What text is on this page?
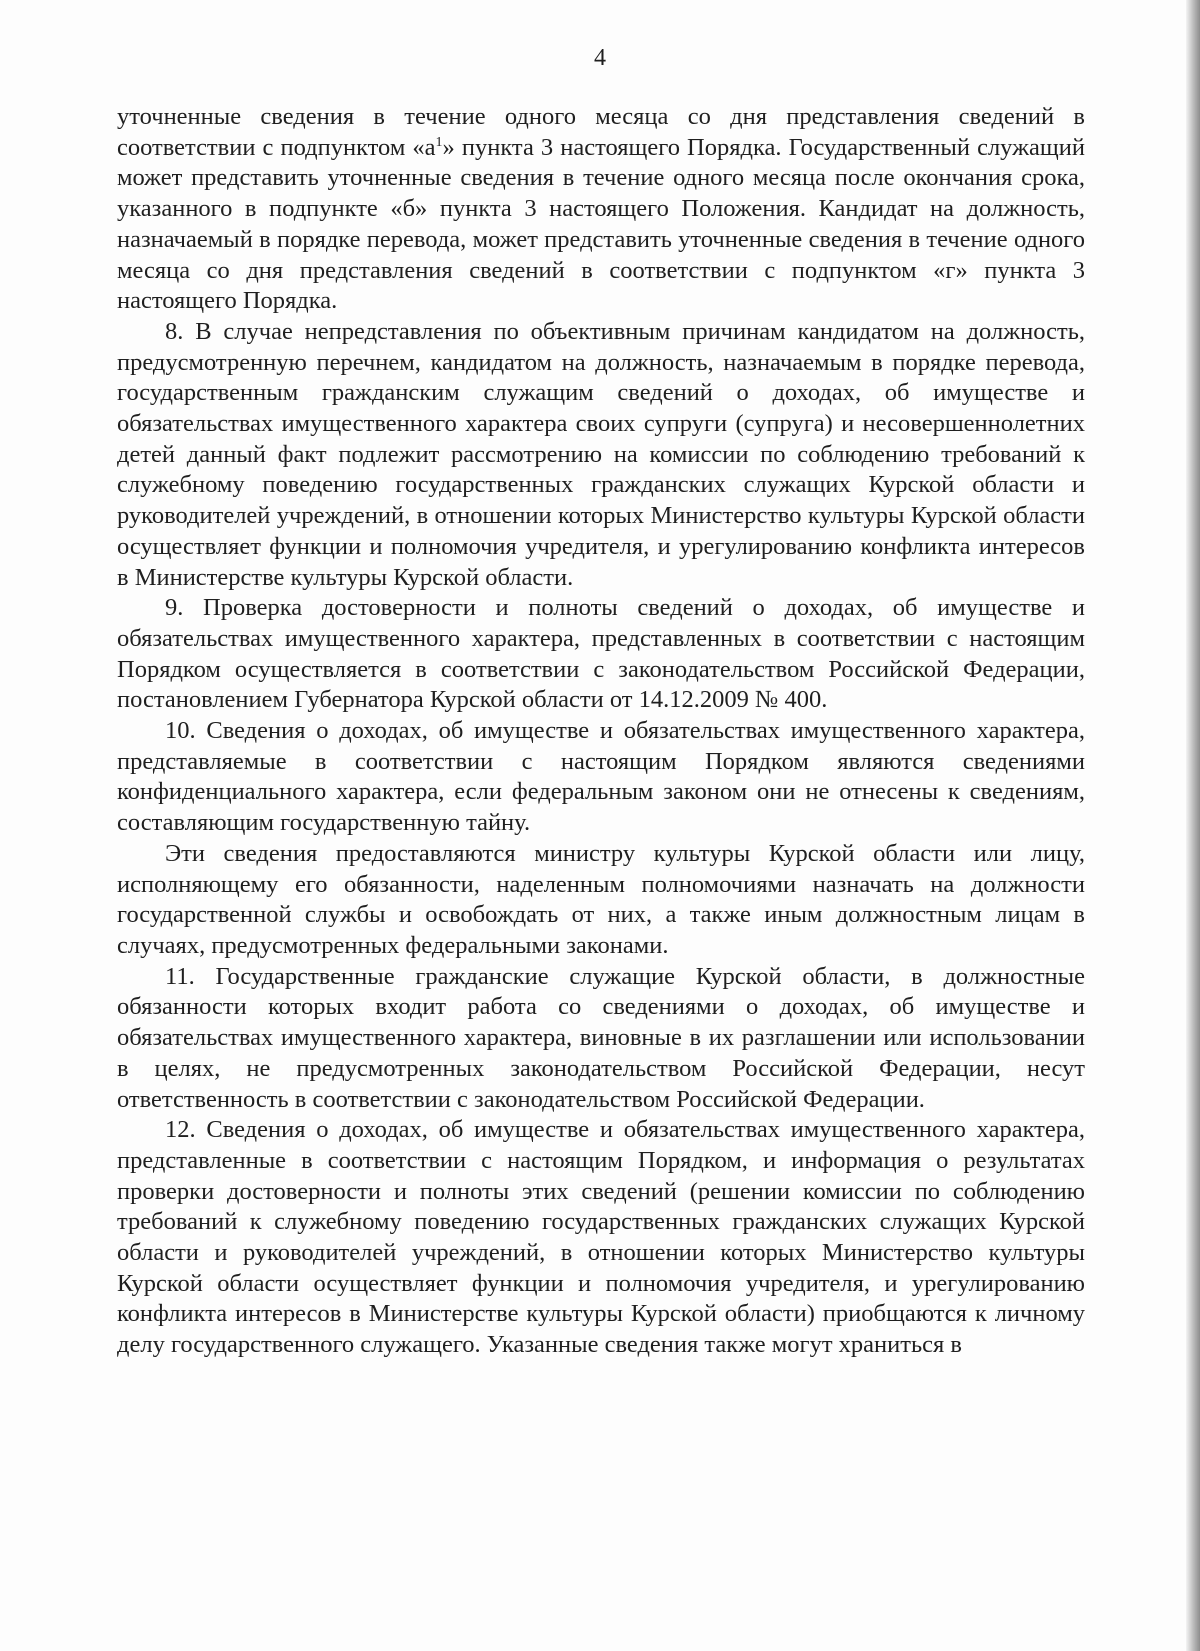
4

уточненные сведения в течение одного месяца со дня представления сведений в соответствии с подпунктом «$а^1$» пункта 3 настоящего Порядка. Государственный служащий может представить уточненные сведения в течение одного месяца после окончания срока, указанного в подпункте «б» пункта 3 настоящего Положения. Кандидат на должность, назначаемый в порядке перевода, может представить уточненные сведения в течение одного месяца со дня представления сведений в соответствии с подпунктом «г» пункта 3 настоящего Порядка.

8. В случае непредставления по объективным причинам кандидатом на должность, предусмотренную перечнем, кандидатом на должность, назначаемым в порядке перевода, государственным гражданским служащим сведений о доходах, об имуществе и обязательствах имущественного характера своих супруги (супруга) и несовершеннолетних детей данный факт подлежит рассмотрению на комиссии по соблюдению требований к служебному поведению государственных гражданских служащих Курской области и руководителей учреждений, в отношении которых Министерство культуры Курской области осуществляет функции и полномочия учредителя, и урегулированию конфликта интересов в Министерстве культуры Курской области.

9. Проверка достоверности и полноты сведений о доходах, об имуществе и обязательствах имущественного характера, представленных в соответствии с настоящим Порядком осуществляется в соответствии с законодательством Российской Федерации, постановлением Губернатора Курской области от 14.12.2009 № 400.

10. Сведения о доходах, об имуществе и обязательствах имущественного характера, представляемые в соответствии с настоящим Порядком являются сведениями конфиденциального характера, если федеральным законом они не отнесены к сведениям, составляющим государственную тайну.

Эти сведения предоставляются министру культуры Курской области или лицу, исполняющему его обязанности, наделенным полномочиями назначать на должности государственной службы и освобождать от них, а также иным должностным лицам в случаях, предусмотренных федеральными законами.

11. Государственные гражданские служащие Курской области, в должностные обязанности которых входит работа со сведениями о доходах, об имуществе и обязательствах имущественного характера, виновные в их разглашении или использовании в целях, не предусмотренных законодательством Российской Федерации, несут ответственность в соответствии с законодательством Российской Федерации.

12. Сведения о доходах, об имуществе и обязательствах имущественного характера, представленные в соответствии с настоящим Порядком, и информация о результатах проверки достоверности и полноты этих сведений (решении комиссии по соблюдению требований к служебному поведению государственных гражданских служащих Курской области и руководителей учреждений, в отношении которых Министерство культуры Курской области осуществляет функции и полномочия учредителя, и урегулированию конфликта интересов в Министерстве культуры Курской области) приобщаются к личному делу государственного служащего. Указанные сведения также могут храниться в
